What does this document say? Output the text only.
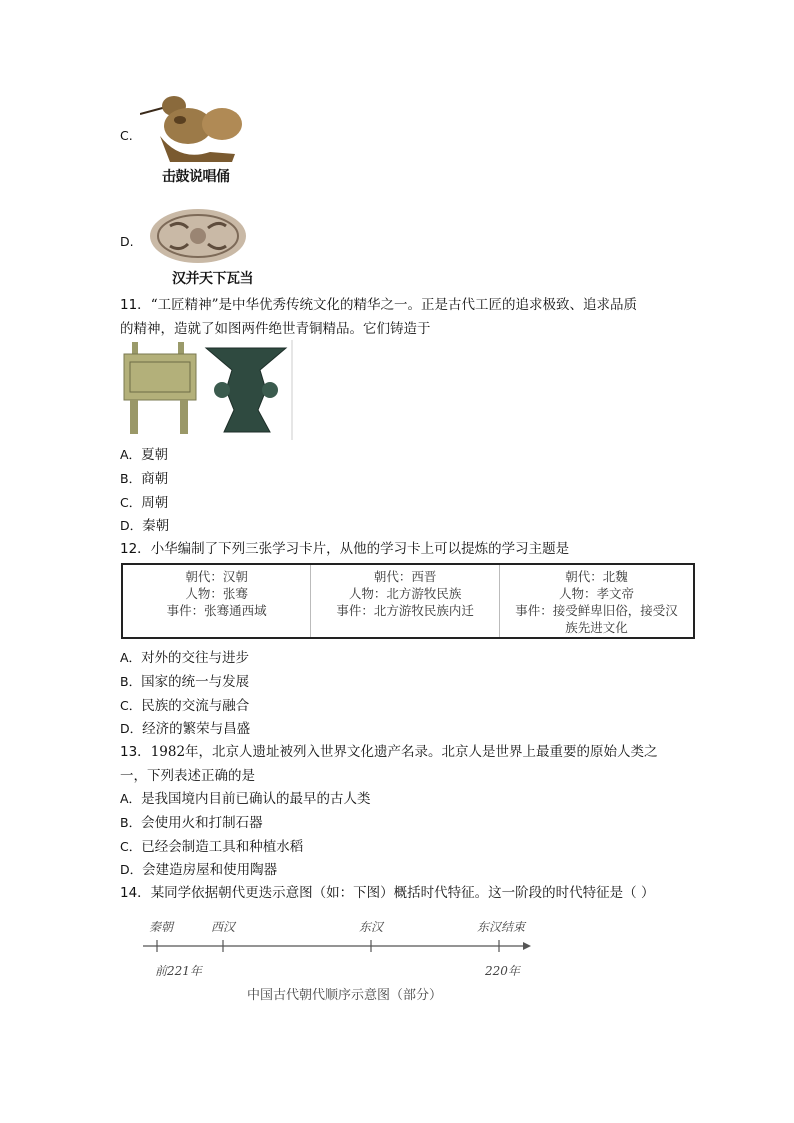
C.
击鼓说唱俑
D.
汉并天下瓦当
11．“工匠精神”是中华优秀传统文化的精华之一。正是古代工匠的追求极致、追求品质
的精神，造就了如图两件绝世青铜精品。它们铸造于
A．夏朝
B．商朝
C．周朝
D．秦朝
12．小华编制了下列三张学习卡片，从他的学习卡上可以提炼的学习主题是
朝代：汉朝
人物：张骞
事件：张骞通西域

朝代：西晋
人物：北方游牧民族
事件：北方游牧民族内迁

朝代：北魏
人物：孝文帝
事件：接受鲜卑旧俗，接受汉
族先进文化
A．对外的交往与进步
B．国家的统一与发展
C．民族的交流与融合
D．经济的繁荣与昌盛
13．1982年，北京人遗址被列入世界文化遗产名录。北京人是世界上最重要的原始人类之
一，下列表述正确的是
A．是我国境内目前已确认的最早的古人类
B．会使用火和打制石器
C．已经会制造工具和种植水稻
D．会建造房屋和使用陶器
14．某同学依据朝代更迭示意图（如：下图）概括时代特征。这一阶段的时代特征是（ ）
秦朝	西汉	东汉	东汉结束
前221年	220年
中国古代朝代顺序示意图（部分）
